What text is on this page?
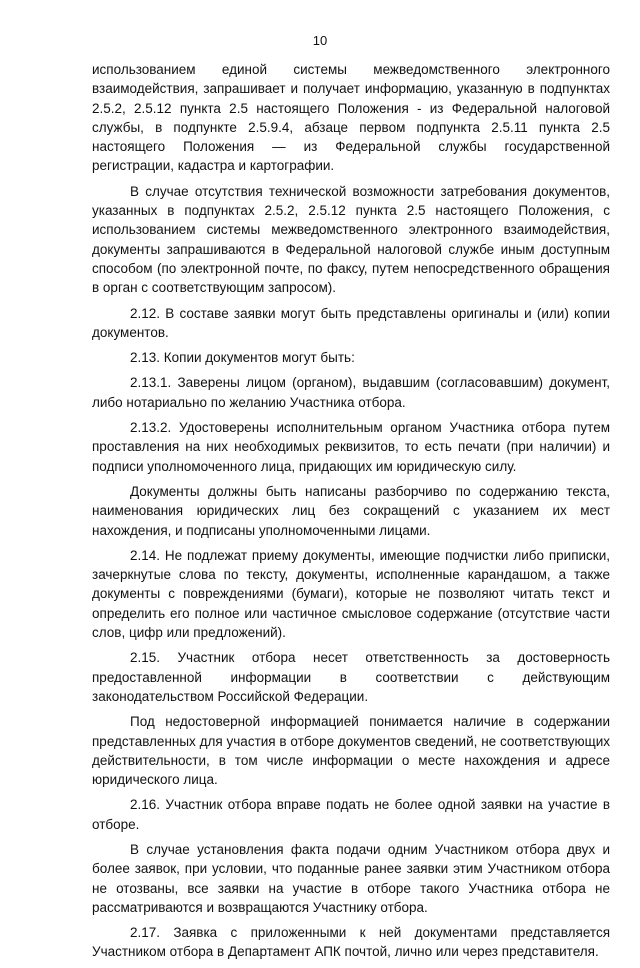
10

использованием единой системы межведомственного электронного взаимодействия, запрашивает и получает информацию, указанную в подпунктах 2.5.2, 2.5.12 пункта 2.5 настоящего Положения - из Федеральной налоговой службы, в подпункте 2.5.9.4, абзаце первом подпункта 2.5.11 пункта 2.5 настоящего Положения — из Федеральной службы государственной регистрации, кадастра и картографии.

В случае отсутствия технической возможности затребования документов, указанных в подпунктах 2.5.2, 2.5.12 пункта 2.5 настоящего Положения, с использованием системы межведомственного электронного взаимодействия, документы запрашиваются в Федеральной налоговой службе иным доступным способом (по электронной почте, по факсу, путем непосредственного обращения в орган с соответствующим запросом).

2.12. В составе заявки могут быть представлены оригиналы и (или) копии документов.

2.13. Копии документов могут быть:

2.13.1. Заверены лицом (органом), выдавшим (согласовавшим) документ, либо нотариально по желанию Участника отбора.

2.13.2. Удостоверены исполнительным органом Участника отбора путем проставления на них необходимых реквизитов, то есть печати (при наличии) и подписи уполномоченного лица, придающих им юридическую силу.

Документы должны быть написаны разборчиво по содержанию текста, наименования юридических лиц без сокращений с указанием их мест нахождения, и подписаны уполномоченными лицами.

2.14. Не подлежат приему документы, имеющие подчистки либо приписки, зачеркнутые слова по тексту, документы, исполненные карандашом, а также документы с повреждениями (бумаги), которые не позволяют читать текст и определить его полное или частичное смысловое содержание (отсутствие части слов, цифр или предложений).

2.15. Участник отбора несет ответственность за достоверность предоставленной информации в соответствии с действующим законодательством Российской Федерации.

Под недостоверной информацией понимается наличие в содержании представленных для участия в отборе документов сведений, не соответствующих действительности, в том числе информации о месте нахождения и адресе юридического лица.

2.16. Участник отбора вправе подать не более одной заявки на участие в отборе.

В случае установления факта подачи одним Участником отбора двух и более заявок, при условии, что поданные ранее заявки этим Участником отбора не отозваны, все заявки на участие в отборе такого Участника отбора не рассматриваются и возвращаются Участнику отбора.

2.17. Заявка с приложенными к ней документами представляется Участником отбора в Департамент АПК почтой, лично или через представителя.
